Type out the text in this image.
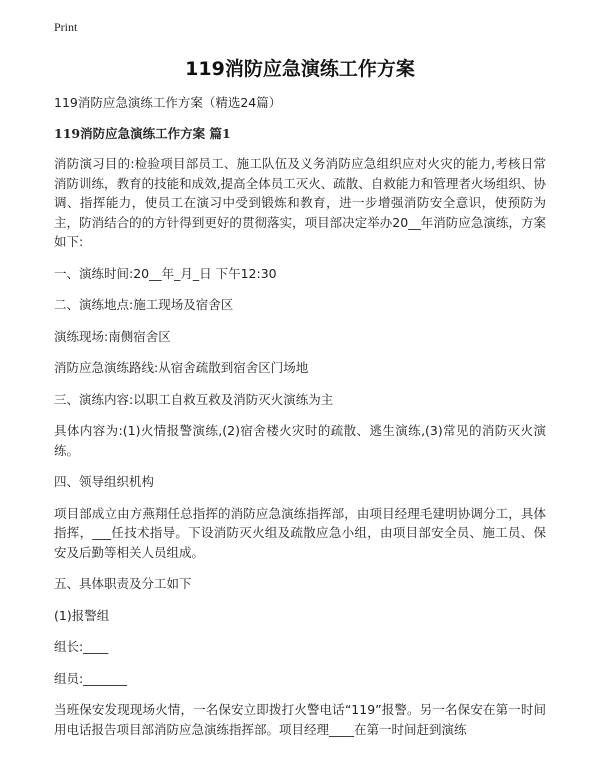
Print
119消防应急演练工作方案

119消防应急演练工作方案（精选24篇）

119消防应急演练工作方案 篇1

消防演习目的:检验项目部员工、施工队伍及义务消防应急组织应对火灾的能力,考核日常消防训练，教育的技能和成效,提高全体员工灭火、疏散、自救能力和管理者火场组织、协调、指挥能力，使员工在演习中受到锻炼和教育，进一步增强消防安全意识，使预防为主，防消结合的的方针得到更好的贯彻落实，项目部决定举办20__年消防应急演练，方案如下:

一、演练时间:20__年_月_日 下午12:30

二、演练地点:施工现场及宿舍区

演练现场:南侧宿舍区

消防应急演练路线:从宿舍疏散到宿舍区门场地

三、演练内容:以职工自救互救及消防灭火演练为主

具体内容为:(1)火情报警演练,(2)宿舍楼火灾时的疏散、逃生演练,(3)常见的消防灭火演练。

四、领导组织机构

项目部成立由方燕翔任总指挥的消防应急演练指挥部，由项目经理毛建明协调分工，具体指挥，___任技术指导。下设消防灭火组及疏散应急小组，由项目部安全员、施工员、保安及后勤等相关人员组成。

五、具体职责及分工如下

(1)报警组

组长:____

组员:_______

当班保安发现现场火情，一名保安立即拨打火警电话“119”报警。另一名保安在第一时间用电话报告项目部消防应急演练指挥部。项目经理____在第一时间赶到演练
